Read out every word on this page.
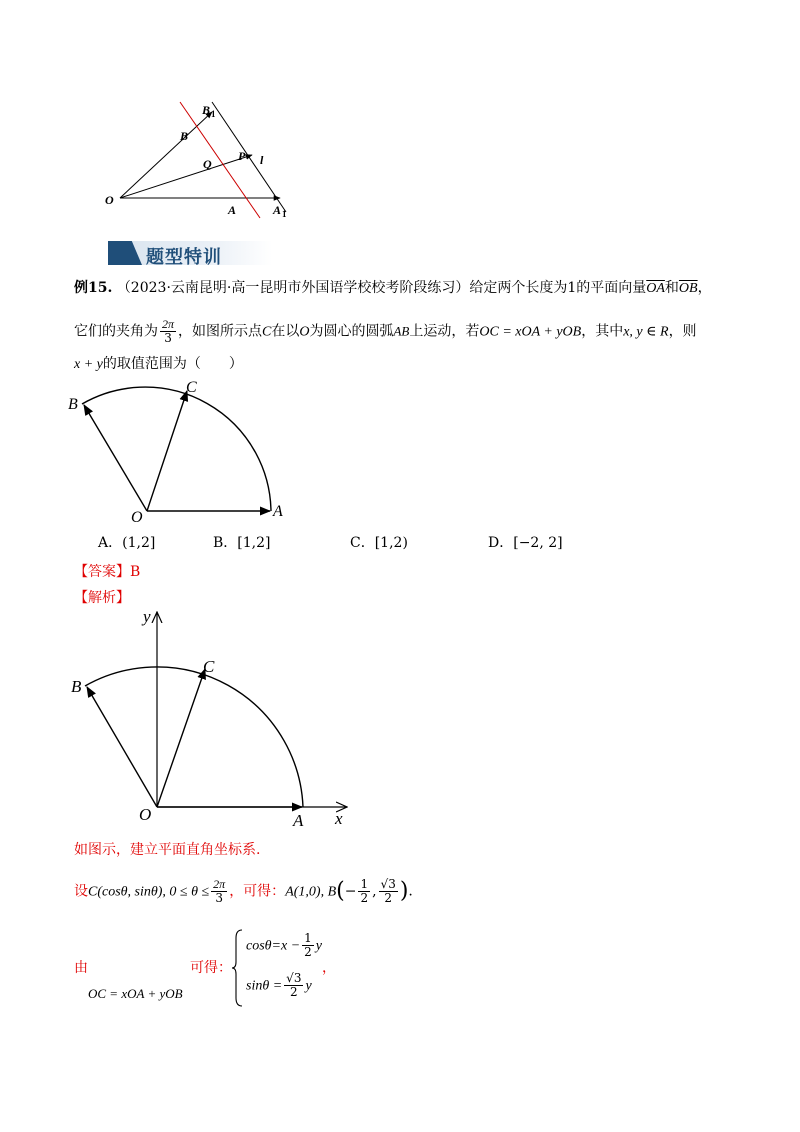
O
A	A 1
B
B 1
Q
P l
题型特训
例15. （2023·云南昆明·高一昆明市外国语学校校考阶段练习）给定两个长度为1的平面向量$\overline{OA}$和$\overline{OB}$，
它们的夹角为 $\frac{2\pi}{3}$ ，如图所示点C在以O为圆心的圆弧AB上运动，若OC = xOA + yOB，其中x, y ∈ R，则
x + y的取值范围为（　　）
O	A
B
C
A．(1,2]	B．[1,2]	C．[1,2)	D．[−2, 2]
【答案】B
【解析】
O	A
B
C
x
y
如图示，建立平面直角坐标系.
设C(cosθ, sinθ), $0 \le \theta \le \frac{2\pi}{3}$ ，可得：A(1,0), $B(- \frac{1}{2}$ , $\frac{√3}{2}$ ).
由	可得：
OC = xOA + yOB
$\cos\theta=x - \frac{1}{2}$ y
$\sin\theta = \frac{√3}{2}$ y
，
